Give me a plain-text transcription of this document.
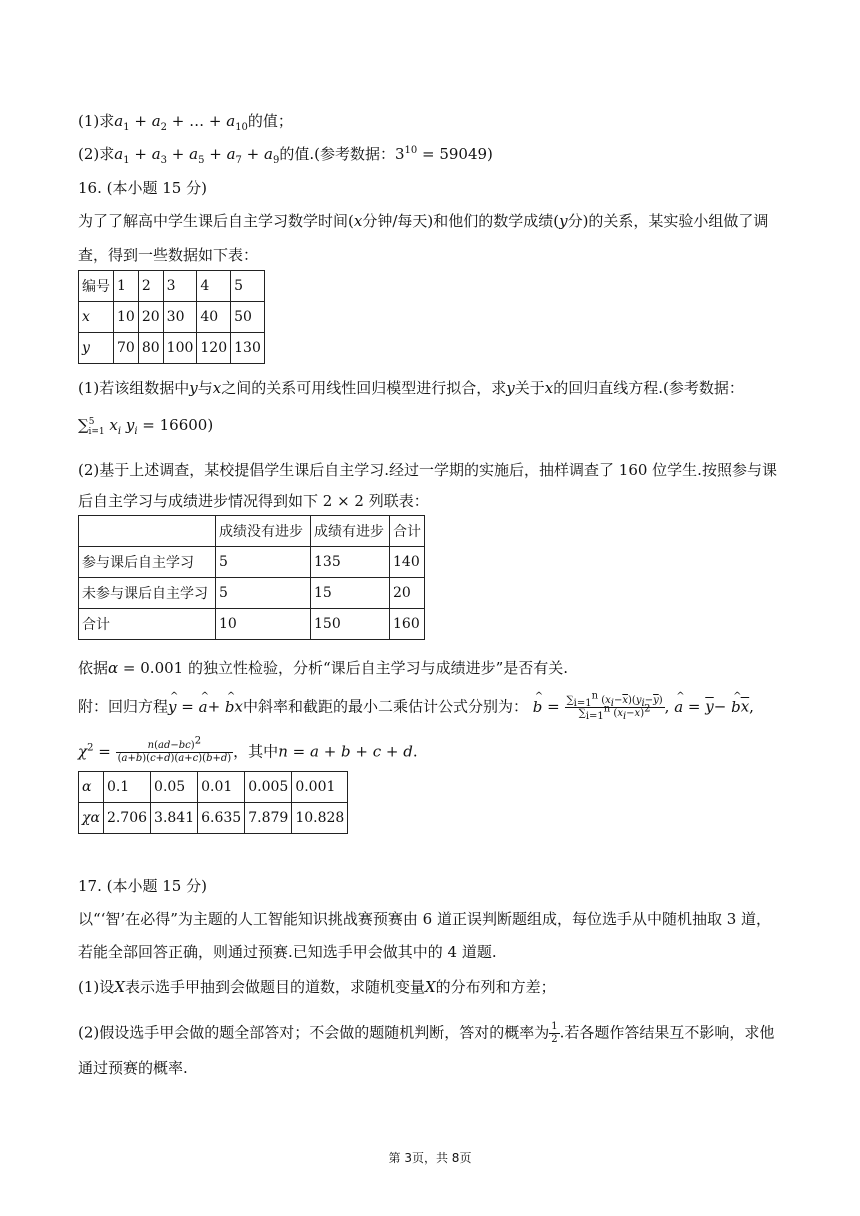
(1)求$a_1 + a_2$ + … + $a_{10}$的值；
(2)求$a_1 + a_3 + a_5 + a_7 + a_9$的值.(参考数据：$3^{10} = 59049$)
16. (本小题 15 分)
为了了解高中学生课后自主学习数学时间(x分钟/每天)和他们的数学成绩(y分)的关系，某实验小组做了调
查，得到一些数据如下表：
编号	1	2	3	4	5
x	10	20	30	40	50
y	70	80	100	120	130
(1)若该组数据中y与x之间的关系可用线性回归模型进行拟合，求y关于x的回归直线方程.(参考数据：
∑$^5_{i=1}$ $x_i$ $y_i = 16600$)
(2)基于上述调查，某校提倡学生课后自主学习.经过一学期的实施后，抽样调查了 160 位学生.按照参与课
后自主学习与成绩进步情况得到如下 2 × 2 列联表：
	成绩没有进步	成绩有进步	合计
参与课后自主学习	5	135	140
未参与课后自主学习	5	15	20
合计	10	150	160
依据α = 0.001 的独立性检验，分析“课后自主学习与成绩进步”是否有关.
附：回归方程^ y = ^ a+ ^ bx中斜率和截距的最小二乘估计公式分别为： ^ $b = \frac{\sum_{i=1}^n (x_i-\overline{x})(y_i-\overline{y})}{\sum_{i=1}^n (x_i-\overline{x})^2}$ , ^ $a = \overline{y}-$ ^ $b\overline{x}$,
$\chi^2 = \frac{n(ad-bc)^2}{(a+b)(c+d)(a+c)(b+d)}$ ，其中n = a + b + c + d.
α	0.1	0.05	0.01	0.005	0.001
χα	2.706	3.841	6.635	7.879	10.828
17. (本小题 15 分)
以“‘智’在必得”为主题的人工智能知识挑战赛预赛由 6 道正误判断题组成，每位选手从中随机抽取 3 道，
若能全部回答正确，则通过预赛.已知选手甲会做其中的 4 道题.
(1)设X表示选手甲抽到会做题目的道数，求随机变量X的分布列和方差；
(2)假设选手甲会做的题全部答对；不会做的题随机判断，答对的概率为 $\frac{1}{2}$ .若各题作答结果互不影响，求他
通过预赛的概率.
第 3页，共 8页
